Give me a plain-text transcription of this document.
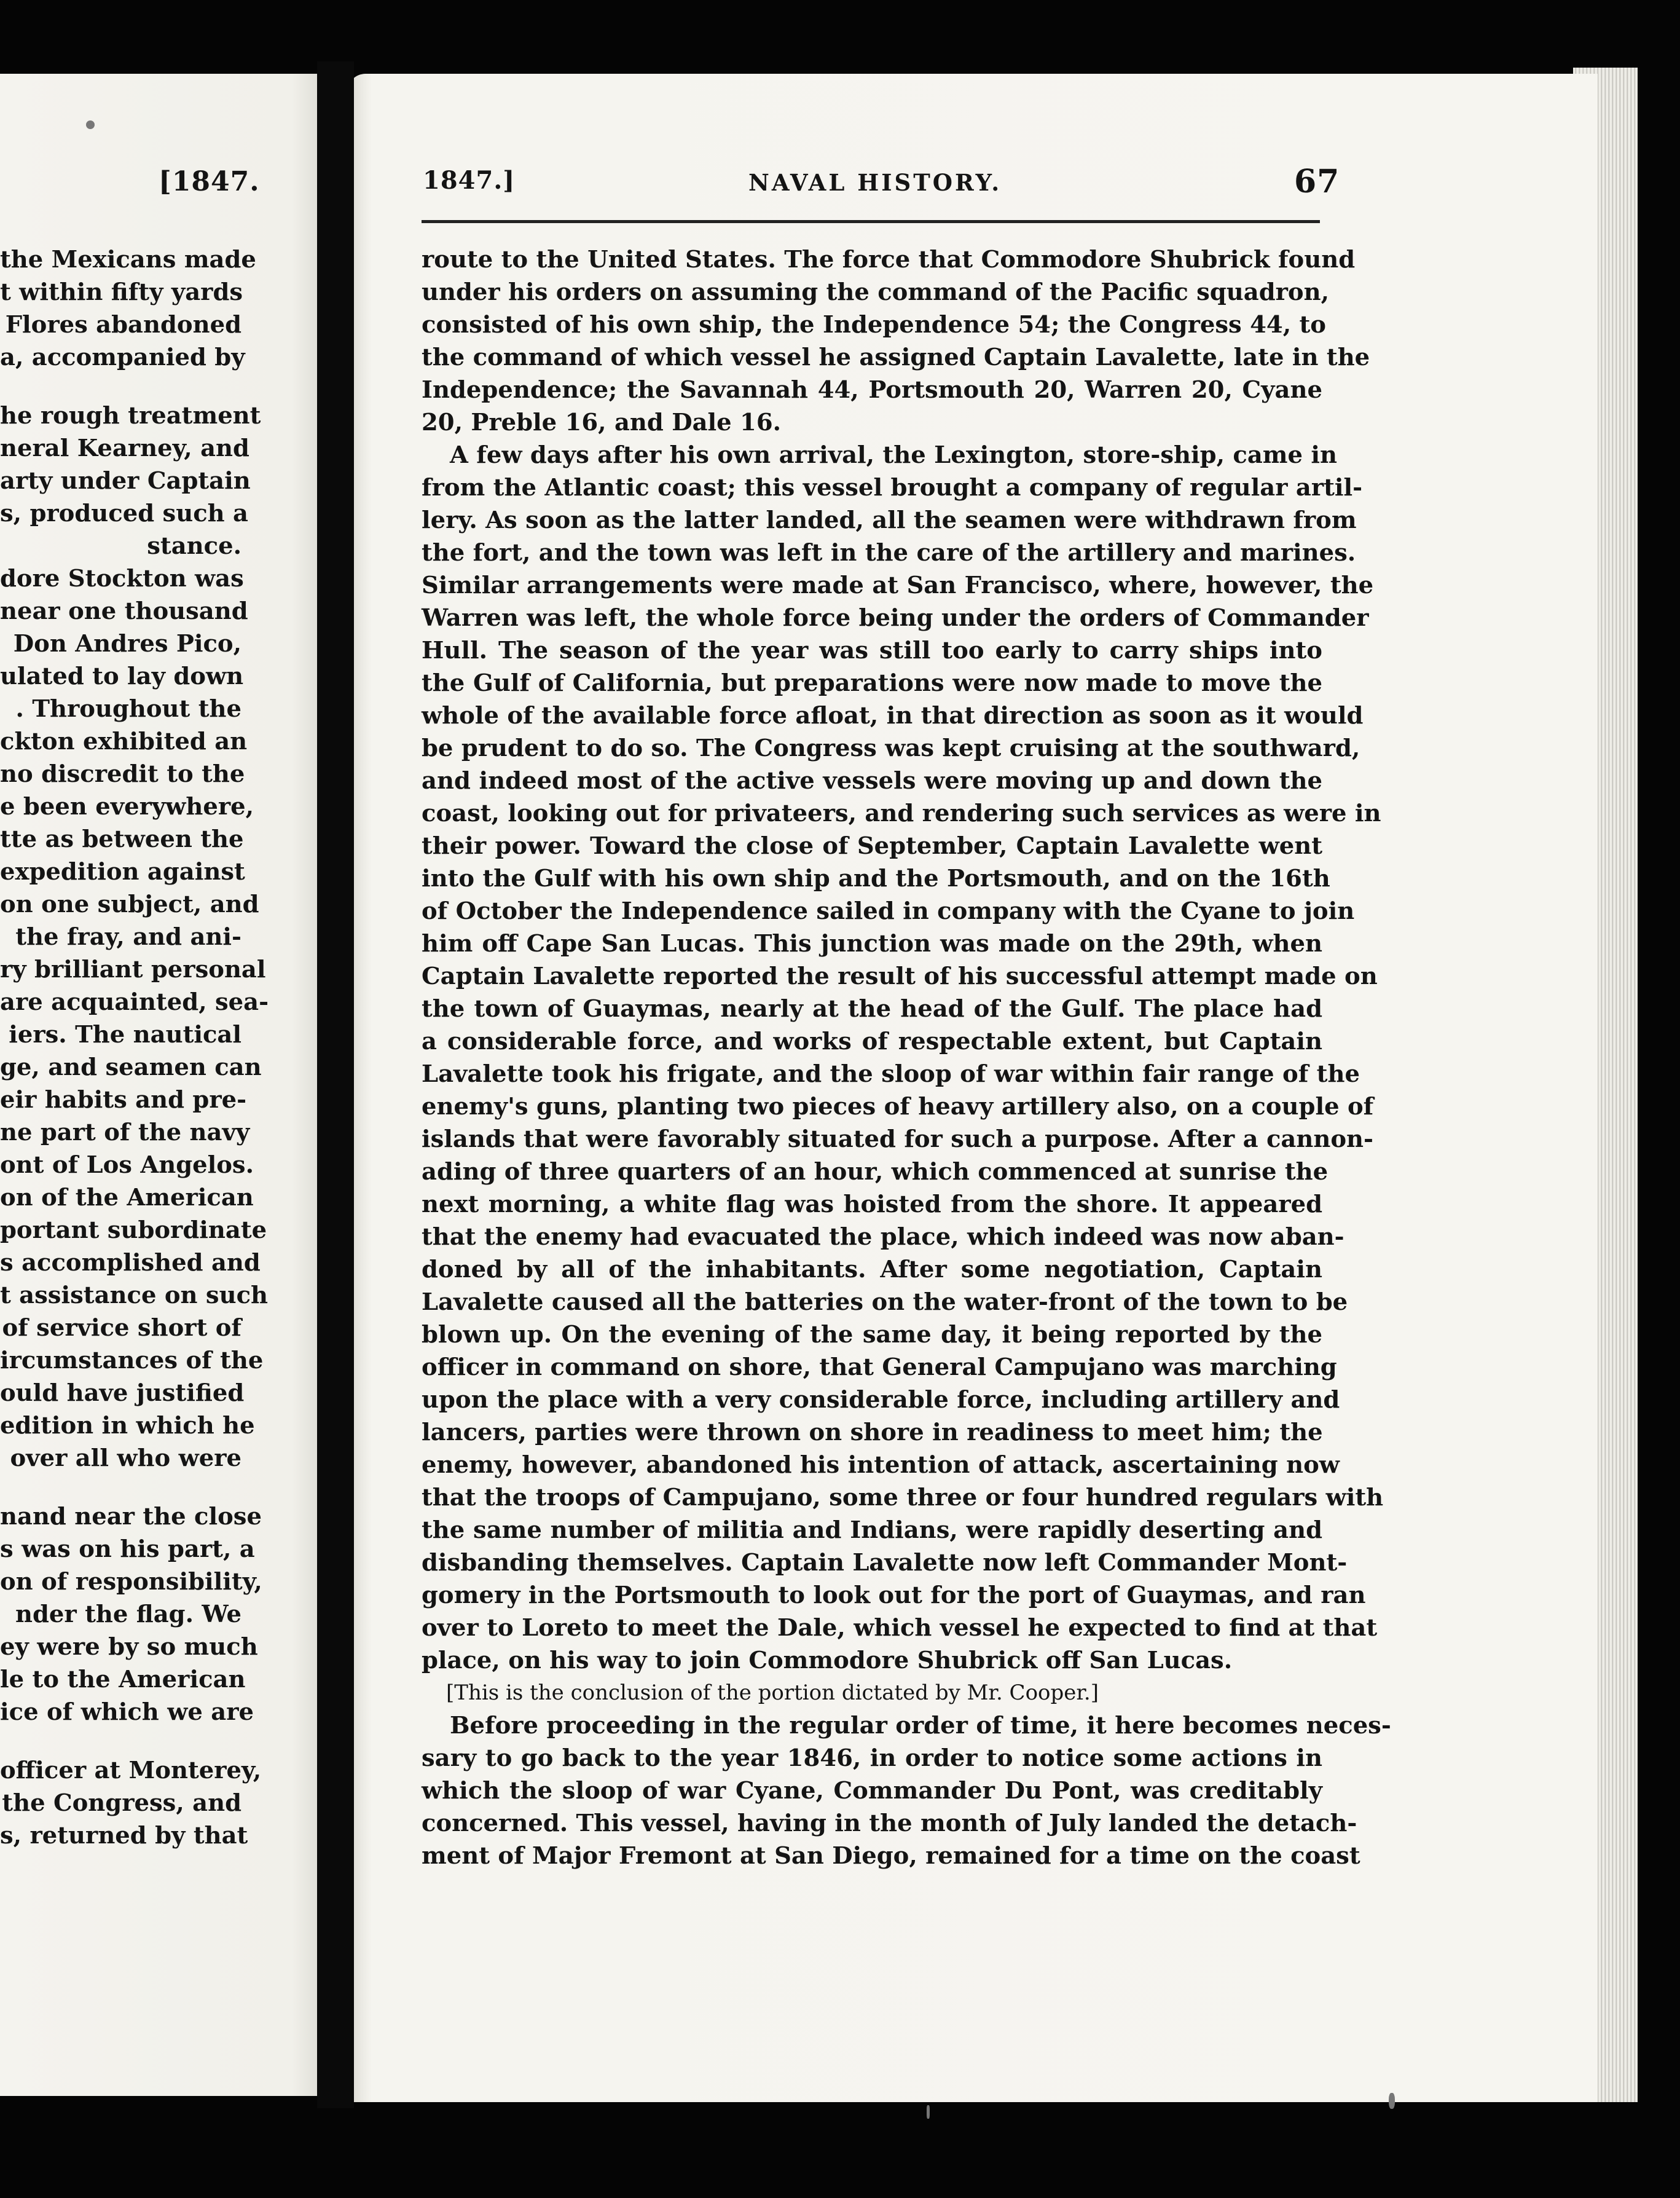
[1847.	1847.]	NAVAL HISTORY.	67
the Mexicans made
t within fifty yards
Flores abandoned
a, accompanied by
he rough treatment
neral Kearney, and
arty under Captain
s, produced such a
stance.
dore Stockton was
near one thousand
Don Andres Pico,
ulated to lay down
. Throughout the
ckton exhibited an
no discredit to the
e been everywhere,
tte as between the
expedition against
on one subject, and
the fray, and ani-
ry brilliant personal
are acquainted, sea-
iers. The nautical
ge, and seamen can
eir habits and pre-
ne part of the navy
ont of Los Angelos.
on of the American
portant subordinate
s accomplished and
t assistance on such
of service short of
ircumstances of the
ould have justified
edition in which he
over all who were
nand near the close
s was on his part, a
on of responsibility,
nder the flag. We
ey were by so much
le to the American
ice of which we are
officer at Monterey,
the Congress, and
s, returned by that
route to the United States. The force that Commodore Shubrick found
under his orders on assuming the command of the Pacific squadron,
consisted of his own ship, the Independence 54; the Congress 44, to
the command of which vessel he assigned Captain Lavalette, late in the
Independence; the Savannah 44, Portsmouth 20, Warren 20, Cyane
20, Preble 16, and Dale 16.
A few days after his own arrival, the Lexington, store-ship, came in
from the Atlantic coast; this vessel brought a company of regular artil-
lery. As soon as the latter landed, all the seamen were withdrawn from
the fort, and the town was left in the care of the artillery and marines.
Similar arrangements were made at San Francisco, where, however, the
Warren was left, the whole force being under the orders of Commander
Hull. The season of the year was still too early to carry ships into
the Gulf of California, but preparations were now made to move the
whole of the available force afloat, in that direction as soon as it would
be prudent to do so. The Congress was kept cruising at the southward,
and indeed most of the active vessels were moving up and down the
coast, looking out for privateers, and rendering such services as were in
their power. Toward the close of September, Captain Lavalette went
into the Gulf with his own ship and the Portsmouth, and on the 16th
of October the Independence sailed in company with the Cyane to join
him off Cape San Lucas. This junction was made on the 29th, when
Captain Lavalette reported the result of his successful attempt made on
the town of Guaymas, nearly at the head of the Gulf. The place had
a considerable force, and works of respectable extent, but Captain
Lavalette took his frigate, and the sloop of war within fair range of the
enemy's guns, planting two pieces of heavy artillery also, on a couple of
islands that were favorably situated for such a purpose. After a cannon-
ading of three quarters of an hour, which commenced at sunrise the
next morning, a white flag was hoisted from the shore. It appeared
that the enemy had evacuated the place, which indeed was now aban-
doned by all of the inhabitants. After some negotiation, Captain
Lavalette caused all the batteries on the water-front of the town to be
blown up. On the evening of the same day, it being reported by the
officer in command on shore, that General Campujano was marching
upon the place with a very considerable force, including artillery and
lancers, parties were thrown on shore in readiness to meet him; the
enemy, however, abandoned his intention of attack, ascertaining now
that the troops of Campujano, some three or four hundred regulars with
the same number of militia and Indians, were rapidly deserting and
disbanding themselves. Captain Lavalette now left Commander Mont-
gomery in the Portsmouth to look out for the port of Guaymas, and ran
over to Loreto to meet the Dale, which vessel he expected to find at that
place, on his way to join Commodore Shubrick off San Lucas.
[This is the conclusion of the portion dictated by Mr. Cooper.]
Before proceeding in the regular order of time, it here becomes neces-
sary to go back to the year 1846, in order to notice some actions in
which the sloop of war Cyane, Commander Du Pont, was creditably
concerned. This vessel, having in the month of July landed the detach-
ment of Major Fremont at San Diego, remained for a time on the coast
